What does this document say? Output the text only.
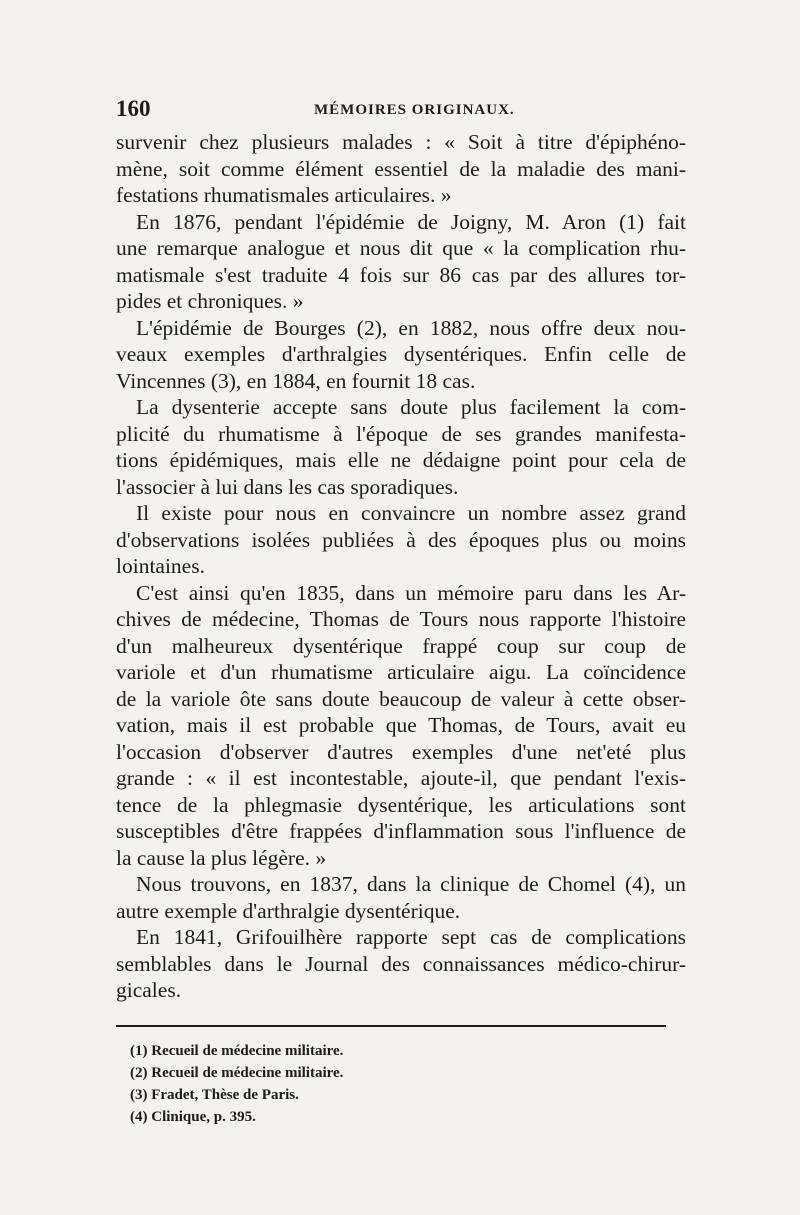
160	MÉMOIRES ORIGINAUX.
survenir chez plusieurs malades : « Soit à titre d'épiphéno-
mène, soit comme élément essentiel de la maladie des mani-
festations rhumatismales articulaires. »
En 1876, pendant l'épidémie de Joigny, M. Aron (1) fait
une remarque analogue et nous dit que « la complication rhu-
matismale s'est traduite 4 fois sur 86 cas par des allures tor-
pides et chroniques. »
L'épidémie de Bourges (2), en 1882, nous offre deux nou-
veaux exemples d'arthralgies dysentériques. Enfin celle de
Vincennes (3), en 1884, en fournit 18 cas.
La dysenterie accepte sans doute plus facilement la com-
plicité du rhumatisme à l'époque de ses grandes manifesta-
tions épidémiques, mais elle ne dédaigne point pour cela de
l'associer à lui dans les cas sporadiques.
Il existe pour nous en convaincre un nombre assez grand
d'observations isolées publiées à des époques plus ou moins
lointaines.
C'est ainsi qu'en 1835, dans un mémoire paru dans les Ar-
chives de médecine, Thomas de Tours nous rapporte l'histoire
d'un malheureux dysentérique frappé coup sur coup de
variole et d'un rhumatisme articulaire aigu. La coïncidence
de la variole ôte sans doute beaucoup de valeur à cette obser-
vation, mais il est probable que Thomas, de Tours, avait eu
l'occasion d'observer d'autres exemples d'une net'eté plus
grande : « il est incontestable, ajoute-il, que pendant l'exis-
tence de la phlegmasie dysentérique, les articulations sont
susceptibles d'être frappées d'inflammation sous l'influence de
la cause la plus légère. »
Nous trouvons, en 1837, dans la clinique de Chomel (4), un
autre exemple d'arthralgie dysentérique.
En 1841, Grifouilhère rapporte sept cas de complications
semblables dans le Journal des connaissances médico-chirur-
gicales.
(1) Recueil de médecine militaire.
(2) Recueil de médecine militaire.
(3) Fradet, Thèse de Paris.
(4) Clinique, p. 395.
